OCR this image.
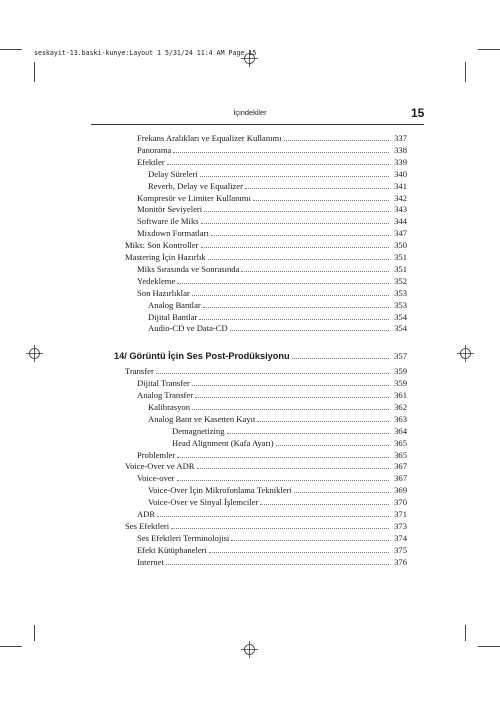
seskayit-13.baski-kunye:Layout 1 5/31/24 11:4 AM Page 15
İçindekiler	15
Frekans Aralıkları ve Equalizer Kullanımı	337
Panorama	338
Efektler	339
Delay Süreleri	340
Reverb, Delay ve Equalizer	341
Kompresör ve Limiter Kullanımı	342
Monitör Seviyeleri	343
Software ile Miks	344
Mixdown Formatları	347
Miks: Son Kontroller	350
Mastering İçin Hazırlık	351
Miks Sırasında ve Sonrasında	351
Yedekleme	352
Son Hazırlıklar	353
Analog Bantlar	353
Dijital Bantlar	354
Audio-CD ve Data-CD	354
14/ Görüntü İçin Ses Post-Prodüksiyonu	357
Transfer	359
Dijital Transfer	359
Analog Transfer	361
Kalibrasyon	362
Analog Bant ve Kasetten Kayıt	363
Demagnetizing	364
Head Alignment (Kafa Ayarı)	365
Problemler	365
Voice-Over ve ADR	367
Voice-over	367
Voice-Over İçin Mikrofonlama Teknikleri	369
Voice-Over ve Sinyal İşlemciler	370
ADR	371
Ses Efektleri	373
Ses Efektleri Terminolojisi	374
Efekt Kütüphaneleri	375
Internet	376
